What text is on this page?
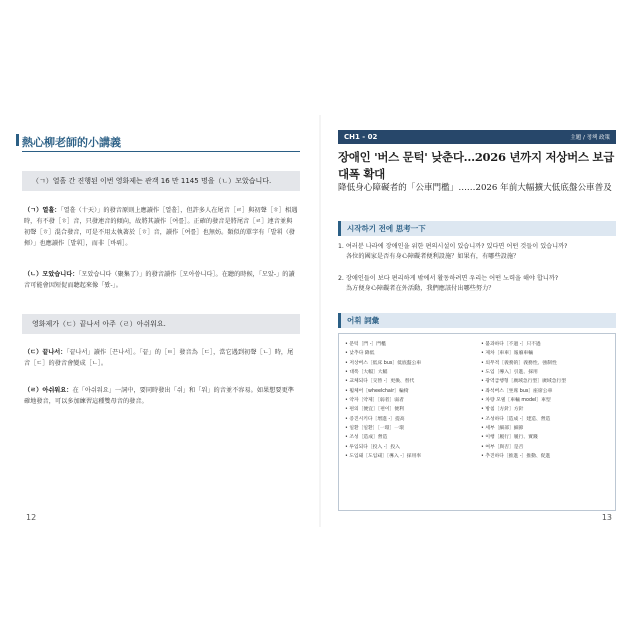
熱心柳老師的小講義
（ㄱ）열흘 간 진행된 이번 영화제는 관객 16 만 1145 명을（ㄴ）모았습니다.
（ㄱ）열흘：「열흘（十天）」的發音原則上應讀作［열흘］，但許多人在尾音［ㄹ］與初聲［ㅎ］相遇時，有不發［ㅎ］音，只發連音的傾向，故將其讀作［여를］。正確的發音是將尾音［ㄹ］連音並與初聲［ㅎ］混合發音，可是不用太執著於［ㅎ］音，讀作［여를］也無妨。類似的單字有「발휘（發揮）」也應讀作［발휘］，而非［바뤼］。
（ㄴ）모았습니다：「모았습니다（聚集了）」的發音讀作［모아씀니다］。在聽的時候，「모았-」的讀音可能會因短促而聽起來像「뫘-」。
영화제가（ㄷ）끝나서 아주（ㄹ）아쉬워요.
（ㄷ）끝나서：「끝나서」讀作［끈나서］。「끝」的［ㅌ］發音為［ㄷ］，當它遇到初聲［ㄴ］時，尾音［ㄷ］的發音會變成［ㄴ］。
（ㄹ）아쉬워요：在「아쉬워요」一詞中，要同時發出「쉬」和「워」的音並不容易。如果想要更準確地發音，可以多加練習這種雙母音的發音。
12
CH1 - 02	主題 / 정책 政策
장애인 '버스 문턱' 낮춘다…2026 년까지 저상버스 보급 대폭 확대
降低身心障礙者的「公車門檻」……2026 年前大幅擴大低底盤公車普及
시작하기 전에 思考一下
1. 여러분 나라에 장애인을 위한 편의시설이 있습니까? 있다면 어떤 것들이 있습니까?
各位的國家是否有身心障礙者便利設施？如果有，有哪些設施？
2. 장애인들이 보다 편리하게 밖에서 활동하려면 우리는 어떤 노력을 해야 합니까?
為方便身心障礙者在外活動，我們應該付出哪些努力？
어휘 詞彙
• 문턱［門 -］門檻
• 낮추다 降低
• 저상버스［低床 bus］低底盤公車
• 대폭［大幅］大幅
• 교체되다［交替 -］更換、替代
• 휠체어［wheelchair］輪椅
• 약자［약제］［弱者］弱者
• 편의［便宜］［편이］便利
• 증진시키다［增進 -］提高
• 일환［일환］［一環］一環
• 조성［造成］營造
• 투입되다［投入 -］投入
• 도입돼［도입돼］［導入 -］採用率
• 불과하다［不過 -］只不過
• 제차［車車］報廢車輛
• 의무적［義務的］義務性、強制性
• 도입［導入］引進、採用
• 광역급행형［廣域急行型］廣域急行型
• 좌석버스［坐席 bus］座席公車
• 차량 모델［車輛 model］車型
• 방침［方針］方針
• 조성하다［造成 -］建造、營造
• 세부［細部］細節
• 이행［履行］履行、實踐
• 여부［與否］是否
• 추진하다［推進 -］推動、促進
13
